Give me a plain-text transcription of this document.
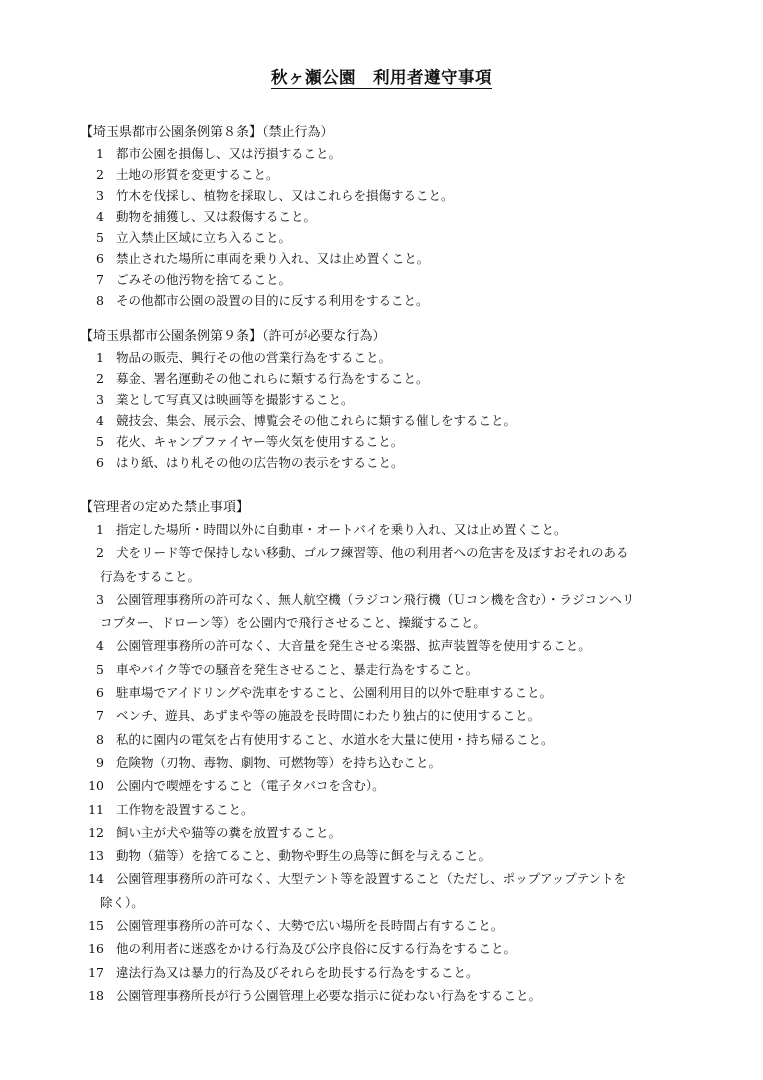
秋ヶ瀬公園　利用者遵守事項
【埼玉県都市公園条例第８条】（禁止行為）
1 都市公園を損傷し、又は汚損すること。
2 土地の形質を変更すること。
3 竹木を伐採し、植物を採取し、又はこれらを損傷すること。
4 動物を捕獲し、又は殺傷すること。
5 立入禁止区域に立ち入ること。
6 禁止された場所に車両を乗り入れ、又は止め置くこと。
7 ごみその他汚物を捨てること。
8 その他都市公園の設置の目的に反する利用をすること。
【埼玉県都市公園条例第９条】（許可が必要な行為）
1 物品の販売、興行その他の営業行為をすること。
2 募金、署名運動その他これらに類する行為をすること。
3 業として写真又は映画等を撮影すること。
4 競技会、集会、展示会、博覧会その他これらに類する催しをすること。
5 花火、キャンプファイヤー等火気を使用すること。
6 はり紙、はり札その他の広告物の表示をすること。
【管理者の定めた禁止事項】
1 指定した場所・時間以外に自動車・オートバイを乗り入れ、又は止め置くこと。
2 犬をリード等で保持しない移動、ゴルフ練習等、他の利用者への危害を及ぼすおそれのある
行為をすること。
3 公園管理事務所の許可なく、無人航空機（ラジコン飛行機（Ｕコン機を含む）・ラジコンヘリ
コプター、ドローン等）を公園内で飛行させること、操縦すること。
4 公園管理事務所の許可なく、大音量を発生させる楽器、拡声装置等を使用すること。
5 車やバイク等での騒音を発生させること、暴走行為をすること。
6 駐車場でアイドリングや洗車をすること、公園利用目的以外で駐車すること。
7 ベンチ、遊具、あずまや等の施設を長時間にわたり独占的に使用すること。
8 私的に園内の電気を占有使用すること、水道水を大量に使用・持ち帰ること。
9 危険物（刃物、毒物、劇物、可燃物等）を持ち込むこと。
10 公園内で喫煙をすること（電子タバコを含む）。
11 工作物を設置すること。
12 飼い主が犬や猫等の糞を放置すること。
13 動物（猫等）を捨てること、動物や野生の鳥等に餌を与えること。
14 公園管理事務所の許可なく、大型テント等を設置すること（ただし、ポップアップテントを
除く）。
15 公園管理事務所の許可なく、大勢で広い場所を長時間占有すること。
16 他の利用者に迷惑をかける行為及び公序良俗に反する行為をすること。
17 違法行為又は暴力的行為及びそれらを助長する行為をすること。
18 公園管理事務所長が行う公園管理上必要な指示に従わない行為をすること。
